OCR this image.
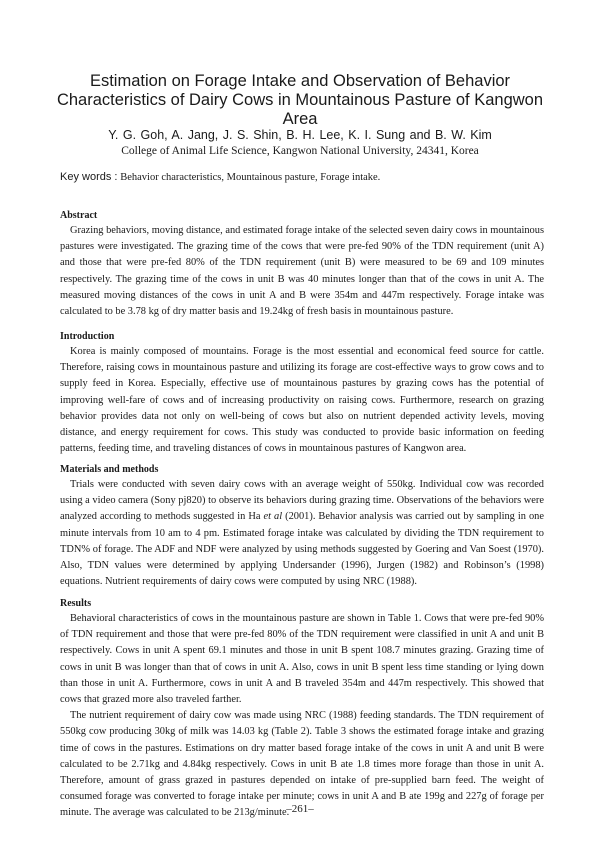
Estimation on Forage Intake and Observation of Behavior Characteristics of Dairy Cows in Mountainous Pasture of Kangwon Area

Y. G. Goh, A. Jang, J. S. Shin, B. H. Lee, K. I. Sung and B. W. Kim

College of Animal Life Science, Kangwon National University, 24341, Korea

Key words : Behavior characteristics, Mountainous pasture, Forage intake.

Abstract

Grazing behaviors, moving distance, and estimated forage intake of the selected seven dairy cows in mountainous pastures were investigated. The grazing time of the cows that were pre-fed 90% of the TDN requirement (unit A) and those that were pre-fed 80% of the TDN requirement (unit B) were measured to be 69 and 109 minutes respectively. The grazing time of the cows in unit B was 40 minutes longer than that of the cows in unit A. The measured moving distances of the cows in unit A and B were 354m and 447m respectively. Forage intake was calculated to be 3.78 kg of dry matter basis and 19.24kg of fresh basis in mountainous pasture.

Introduction

Korea is mainly composed of mountains. Forage is the most essential and economical feed source for cattle. Therefore, raising cows in mountainous pasture and utilizing its forage are cost-effective ways to grow cows and to supply feed in Korea. Especially, effective use of mountainous pastures by grazing cows has the potential of improving well-fare of cows and of increasing productivity on raising cows. Furthermore, research on grazing behavior provides data not only on well-being of cows but also on nutrient depended activity levels, moving distance, and energy requirement for cows. This study was conducted to provide basic information on feeding patterns, feeding time, and traveling distances of cows in mountainous pastures of Kangwon area.

Materials and methods

Trials were conducted with seven dairy cows with an average weight of 550kg. Individual cow was recorded using a video camera (Sony pj820) to observe its behaviors during grazing time. Observations of the behaviors were analyzed according to methods suggested in Ha et al (2001). Behavior analysis was carried out by sampling in one minute intervals from 10 am to 4 pm. Estimated forage intake was calculated by dividing the TDN requirement to TDN% of forage. The ADF and NDF were analyzed by using methods suggested by Goering and Van Soest (1970). Also, TDN values were determined by applying Undersander (1996), Jurgen (1982) and Robinson’s (1998) equations. Nutrient requirements of dairy cows were computed by using NRC (1988).

Results

Behavioral characteristics of cows in the mountainous pasture are shown in Table 1. Cows that were pre-fed 90% of TDN requirement and those that were pre-fed 80% of the TDN requirement were classified in unit A and unit B respectively. Cows in unit A spent 69.1 minutes and those in unit B spent 108.7 minutes grazing. Grazing time of cows in unit B was longer than that of cows in unit A. Also, cows in unit B spent less time standing or lying down than those in unit A. Furthermore, cows in unit A and B traveled 354m and 447m respectively. This showed that cows that grazed more also traveled farther.

The nutrient requirement of dairy cow was made using NRC (1988) feeding standards. The TDN requirement of 550kg cow producing 30kg of milk was 14.03 kg (Table 2). Table 3 shows the estimated forage intake and grazing time of cows in the pastures. Estimations on dry matter based forage intake of the cows in unit A and unit B were calculated to be 2.71kg and 4.84kg respectively. Cows in unit B ate 1.8 times more forage than those in unit A. Therefore, amount of grass grazed in pastures depended on intake of pre-supplied barn feed. The weight of consumed forage was converted to forage intake per minute; cows in unit A and B ate 199g and 227g of forage per minute. The average was calculated to be 213g/minute.

–261–
